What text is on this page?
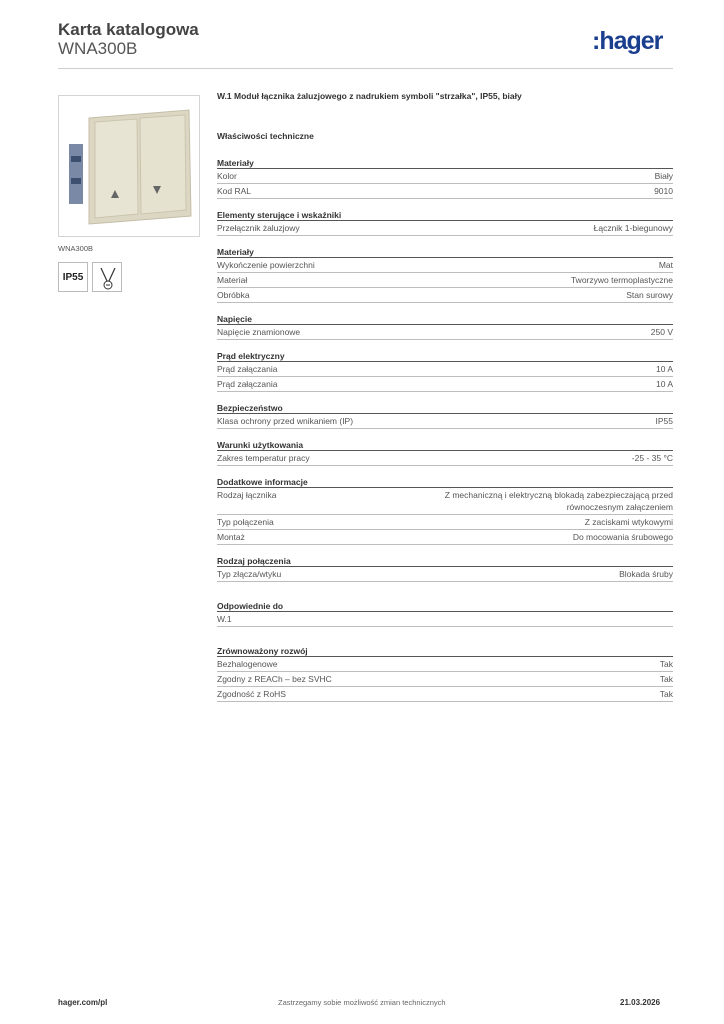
Karta katalogowa
WNA300B	:hager
WNA300B
IP55
W.1 Moduł łącznika żaluzjowego z nadrukiem symboli "strzałka", IP55, biały
Właściwości techniczne
Materiały
Kolor	Biały
Kod RAL	9010
Elementy sterujące i wskaźniki
Przełącznik żaluzjowy	Łącznik 1-biegunowy
Materiały
Wykończenie powierzchni	Mat
Materiał	Tworzywo termoplastyczne
Obróbka	Stan surowy
Napięcie
Napięcie znamionowe	250 V
Prąd elektryczny
Prąd załączania	10 A
Prąd załączania	10 A
Bezpieczeństwo
Klasa ochrony przed wnikaniem (IP)	IP55
Warunki użytkowania
Zakres temperatur pracy	-25 - 35 °C
Dodatkowe informacje
Rodzaj łącznika	Z mechaniczną i elektryczną blokadą zabezpieczającą przed równoczesnym załączeniem
Typ połączenia	Z zaciskami wtykowymi
Montaż	Do mocowania śrubowego
Rodzaj połączenia
Typ złącza/wtyku	Blokada śruby
Odpowiednie do
W.1
Zrównoważony rozwój
Bezhalogenowe	Tak
Zgodny z REACh – bez SVHC	Tak
Zgodność z RoHS	Tak
hager.com/pl	Zastrzegamy sobie możliwość zmian technicznych	21.03.2026
